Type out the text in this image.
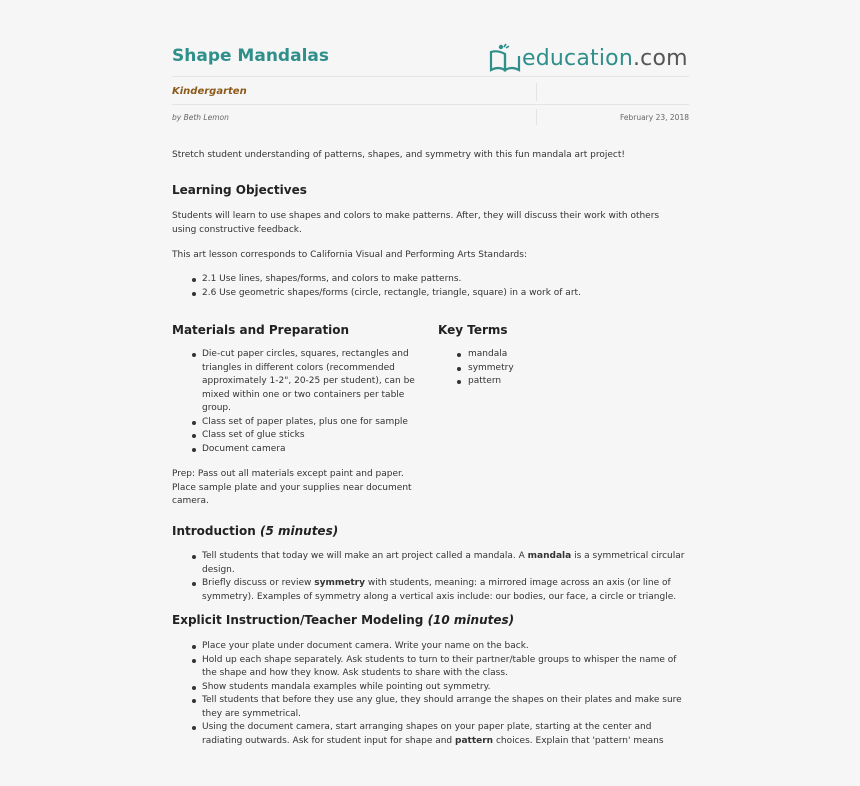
Shape Mandalas	education.com
Kindergarten
by Beth Lemon	February 23, 2018
Stretch student understanding of patterns, shapes, and symmetry with this fun mandala art project!
Learning Objectives
Students will learn to use shapes and colors to make patterns. After, they will discuss their work with others using constructive feedback.
This art lesson corresponds to California Visual and Performing Arts Standards:
2.1 Use lines, shapes/forms, and colors to make patterns.
2.6 Use geometric shapes/forms (circle, rectangle, triangle, square) in a work of art.
Materials and Preparation
Die-cut paper circles, squares, rectangles and triangles in different colors (recommended approximately 1-2", 20-25 per student), can be mixed within one or two containers per table group.
Class set of paper plates, plus one for sample
Class set of glue sticks
Document camera
Prep: Pass out all materials except paint and paper. Place sample plate and your supplies near document camera.
Key Terms
mandala
symmetry
pattern
Introduction (5 minutes)
Tell students that today we will make an art project called a mandala. A mandala is a symmetrical circular design.
Briefly discuss or review symmetry with students, meaning: a mirrored image across an axis (or line of symmetry). Examples of symmetry along a vertical axis include: our bodies, our face, a circle or triangle.
Explicit Instruction/Teacher Modeling (10 minutes)
Place your plate under document camera. Write your name on the back.
Hold up each shape separately. Ask students to turn to their partner/table groups to whisper the name of the shape and how they know. Ask students to share with the class.
Show students mandala examples while pointing out symmetry.
Tell students that before they use any glue, they should arrange the shapes on their plates and make sure they are symmetrical.
Using the document camera, start arranging shapes on your paper plate, starting at the center and radiating outwards. Ask for student input for shape and pattern choices. Explain that 'pattern' means
